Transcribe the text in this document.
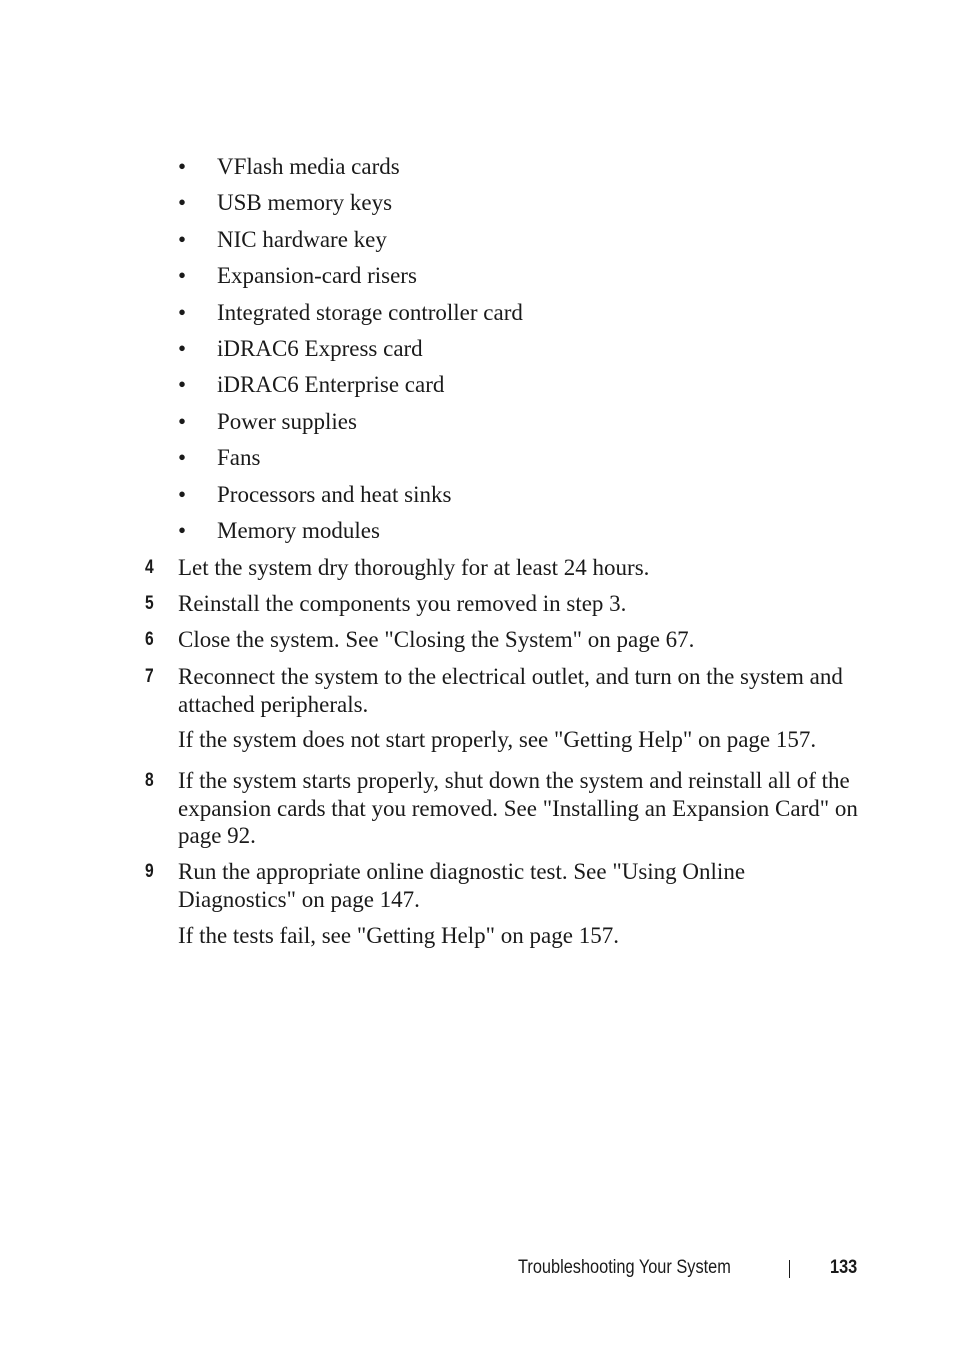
• VFlash media cards
• USB memory keys
• NIC hardware key
• Expansion-card risers
• Integrated storage controller card
• iDRAC6 Express card
• iDRAC6 Enterprise card
• Power supplies
• Fans
• Processors and heat sinks
• Memory modules
4	Let the system dry thoroughly for at least 24 hours.
5	Reinstall the components you removed in step 3.
6	Close the system. See "Closing the System" on page 67.
7	Reconnect the system to the electrical outlet, and turn on the system and attached peripherals.
If the system does not start properly, see "Getting Help" on page 157.
8	If the system starts properly, shut down the system and reinstall all of the expansion cards that you removed. See "Installing an Expansion Card" on page 92.
9	Run the appropriate online diagnostic test. See "Using Online Diagnostics" on page 147.
If the tests fail, see "Getting Help" on page 157.
Troubleshooting Your System	133
